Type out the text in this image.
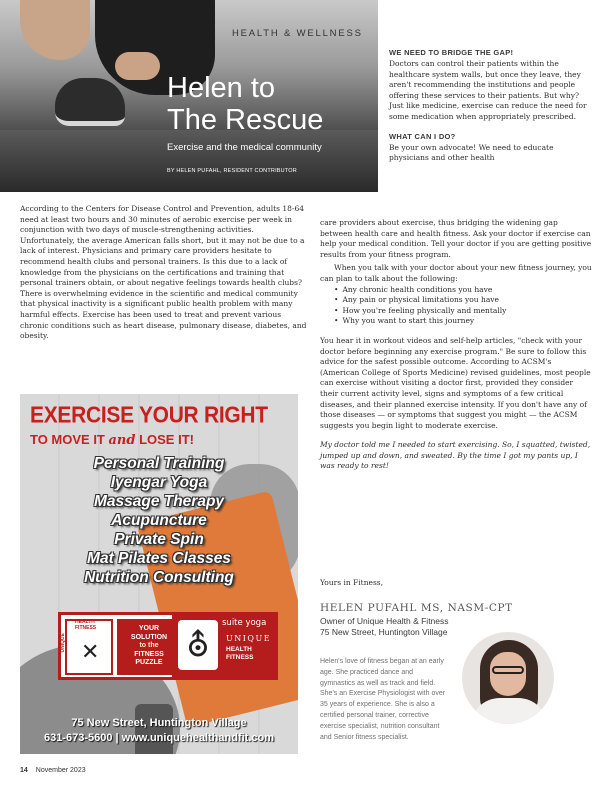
Helen to
The Rescue
Exercise and the medical community
BY HELEN PUFAHL, RESIDENT CONTRIBUTOR
HEALTH & WELLNESS
WE NEED TO BRIDGE THE GAP!

Doctors can control their patients within the healthcare system walls, but once they leave, they aren't recommending the institutions and people offering these services to their patients. But why? Just like medicine, exercise can reduce the need for some medication when appropriately prescribed.

WHAT CAN I DO?

Be your own advocate! We need to educate physicians and other health

According to the Centers for Disease Control and Prevention, adults 18-64 need at least two hours and 30 minutes of aerobic exercise per week in conjunction with two days of muscle-strengthening activities. Unfortunately, the average American falls short, but it may not be due to a lack of interest. Physicians and primary care providers hesitate to recommend health clubs and personal trainers. Is this due to a lack of knowledge from the physicians on the certifications and training that personal trainers obtain, or about negative feelings towards health clubs?

There is overwhelming evidence in the scientific and medical community that physical inactivity is a significant public health problem with many harmful effects. Exercise has been used to treat and prevent various chronic conditions such as heart disease, pulmonary disease, diabetes, and obesity.

care providers about exercise, thus bridging the widening gap between health care and health fitness. Ask your doctor if exercise can help your medical condition. Tell your doctor if you are getting positive results from your fitness program.

When you talk with your doctor about your new fitness journey, you can plan to talk about the following:

• Any chronic health conditions you have
• Any pain or physical limitations you have
• How you're feeling physically and mentally
• Why you want to start this journey

You hear it in workout videos and self-help articles, "check with your doctor before beginning any exercise program." Be sure to follow this advice for the safest possible outcome. According to ACSM's (American College of Sports Medicine) revised guidelines, most people can exercise without visiting a doctor first, provided they consider their current activity level, signs and symptoms of a few critical diseases, and their planned exercise intensity. If you don't have any of those diseases — or symptoms that suggest you might — the ACSM suggests you begin light to moderate exercise.

My doctor told me I needed to start exercising. So, I squatted, twisted, jumped up and down, and sweated. By the time I got my pants up, I was ready to rest!

Yours in Fitness,
HELEN PUFAHL MS, NASM-CPT
Owner of Unique Health & Fitness
75 New Street, Huntington Village
Helen's love of fitness began at an early age. She practiced dance and gymnastics as well as track and field. She's an Exercise Physiologist with over 35 years of experience. She is also a certified personal trainer, corrective exercise specialist, nutrition consultant and Senior fitness specialist.
EXERCISE YOUR RIGHT
TO MOVE IT and LOSE IT!
Personal Training
Iyengar Yoga
Massage Therapy
Acupuncture
Private Spin
Mat Pilates Classes
Nutrition Consulting
HEALTH FITNESS
✕
UNIQUE
YOUR
SOLUTION
to the
FITNESS
PUZZLE ⛢
suite yoga
UNIQUE
HEALTH
FITNESS
75 New Street, Huntington Village
631-673-5600 | www.uniquehealthandfit.com
14 November 2023
